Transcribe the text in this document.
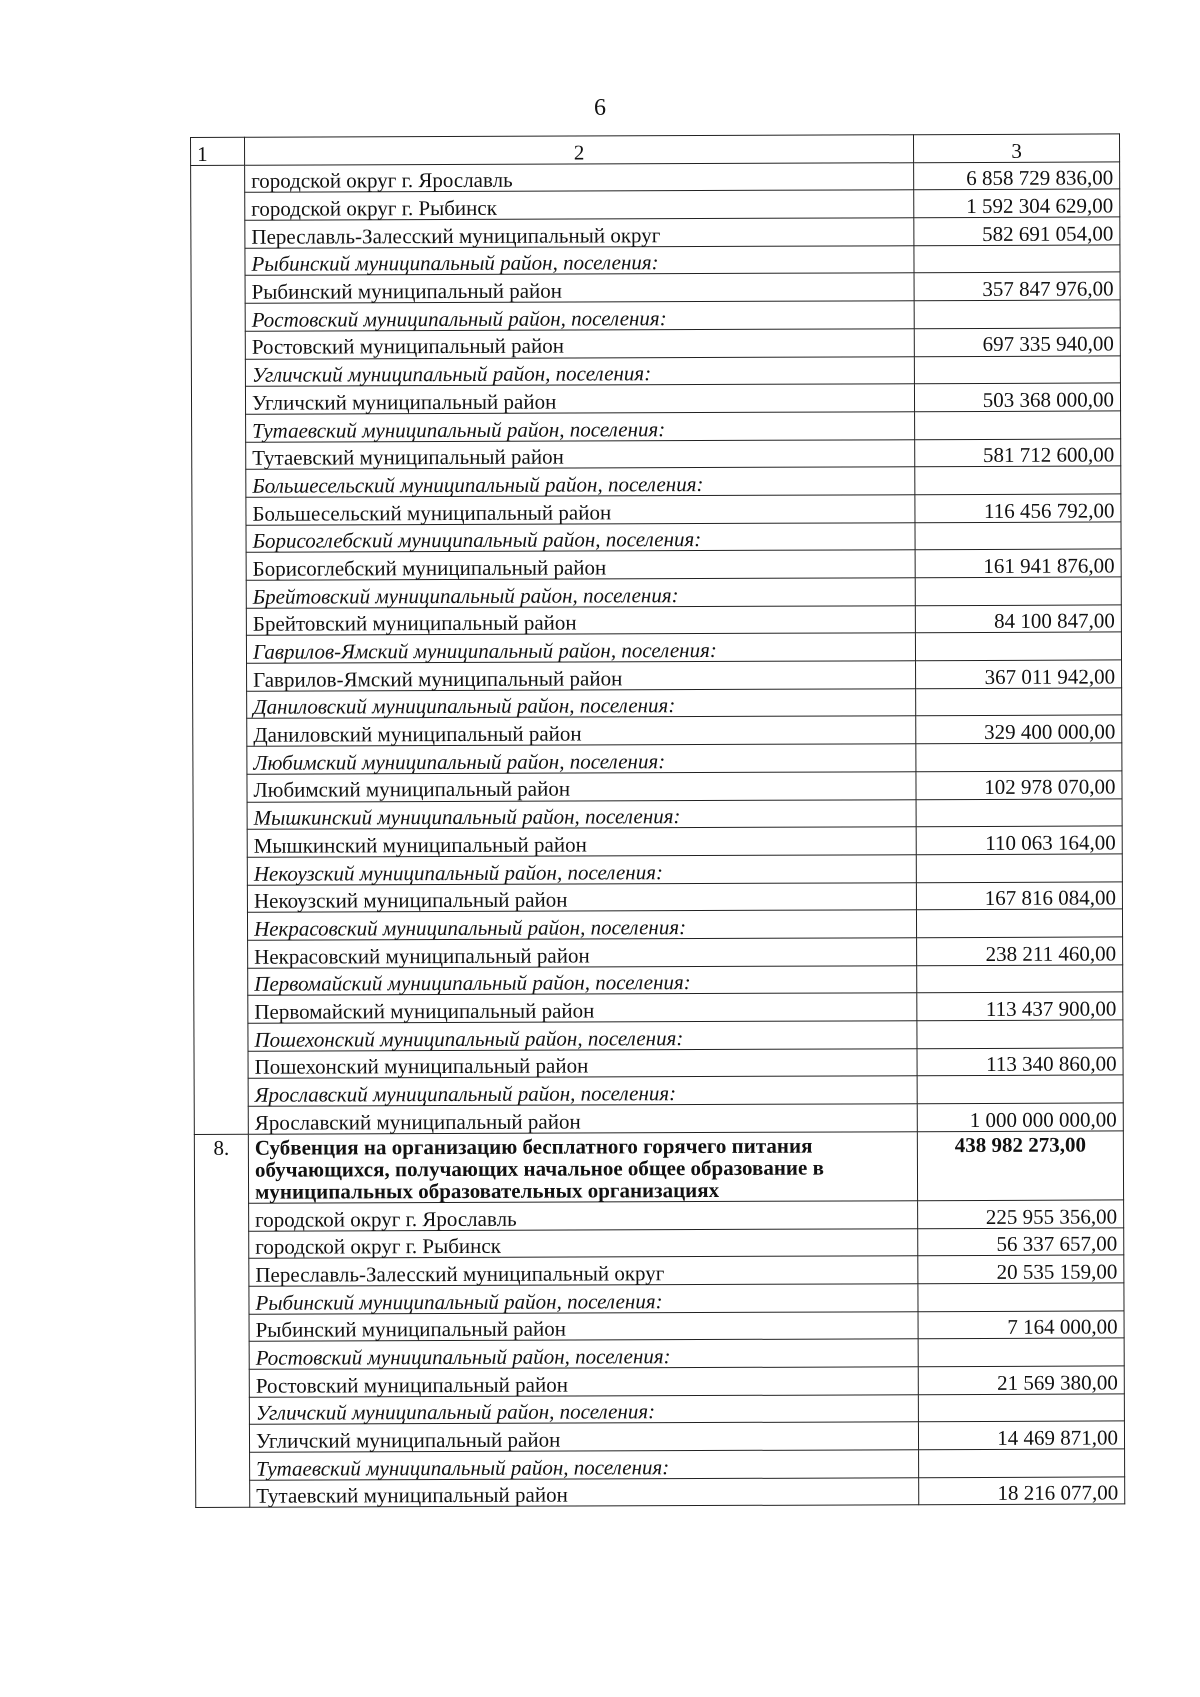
6
1	2	3
	городской округ г. Ярославль	6 858 729 836,00
	городской округ г. Рыбинск	1 592 304 629,00
	Переславль-Залесский муниципальный округ	582 691 054,00
	Рыбинский муниципальный район, поселения:	
	Рыбинский муниципальный район	357 847 976,00
	Ростовский муниципальный район, поселения:	
	Ростовский муниципальный район	697 335 940,00
	Угличский муниципальный район, поселения:	
	Угличский муниципальный район	503 368 000,00
	Тутаевский муниципальный район, поселения:	
	Тутаевский муниципальный район	581 712 600,00
	Большесельский муниципальный район, поселения:	
	Большесельский муниципальный район	116 456 792,00
	Борисоглебский муниципальный район, поселения:	
	Борисоглебский муниципальный район	161 941 876,00
	Брейтовский муниципальный район, поселения:	
	Брейтовский муниципальный район	84 100 847,00
	Гаврилов-Ямский муниципальный район, поселения:	
	Гаврилов-Ямский муниципальный район	367 011 942,00
	Даниловский муниципальный район, поселения:	
	Даниловский муниципальный район	329 400 000,00
	Любимский муниципальный район, поселения:	
	Любимский муниципальный район	102 978 070,00
	Мышкинский муниципальный район, поселения:	
	Мышкинский муниципальный район	110 063 164,00
	Некоузский муниципальный район, поселения:	
	Некоузский муниципальный район	167 816 084,00
	Некрасовский муниципальный район, поселения:	
	Некрасовский муниципальный район	238 211 460,00
	Первомайский муниципальный район, поселения:	
	Первомайский муниципальный район	113 437 900,00
	Пошехонский муниципальный район, поселения:	
	Пошехонский муниципальный район	113 340 860,00
	Ярославский муниципальный район, поселения:	
	Ярославский муниципальный район	1 000 000 000,00
8.	Субвенция на организацию бесплатного горячего питания обучающихся, получающих начальное общее образование в муниципальных образовательных организациях	438 982 273,00
	городской округ г. Ярославль	225 955 356,00
	городской округ г. Рыбинск	56 337 657,00
	Переславль-Залесский муниципальный округ	20 535 159,00
	Рыбинский муниципальный район, поселения:	
	Рыбинский муниципальный район	7 164 000,00
	Ростовский муниципальный район, поселения:	
	Ростовский муниципальный район	21 569 380,00
	Угличский муниципальный район, поселения:	
	Угличский муниципальный район	14 469 871,00
	Тутаевский муниципальный район, поселения:	
	Тутаевский муниципальный район	18 216 077,00
